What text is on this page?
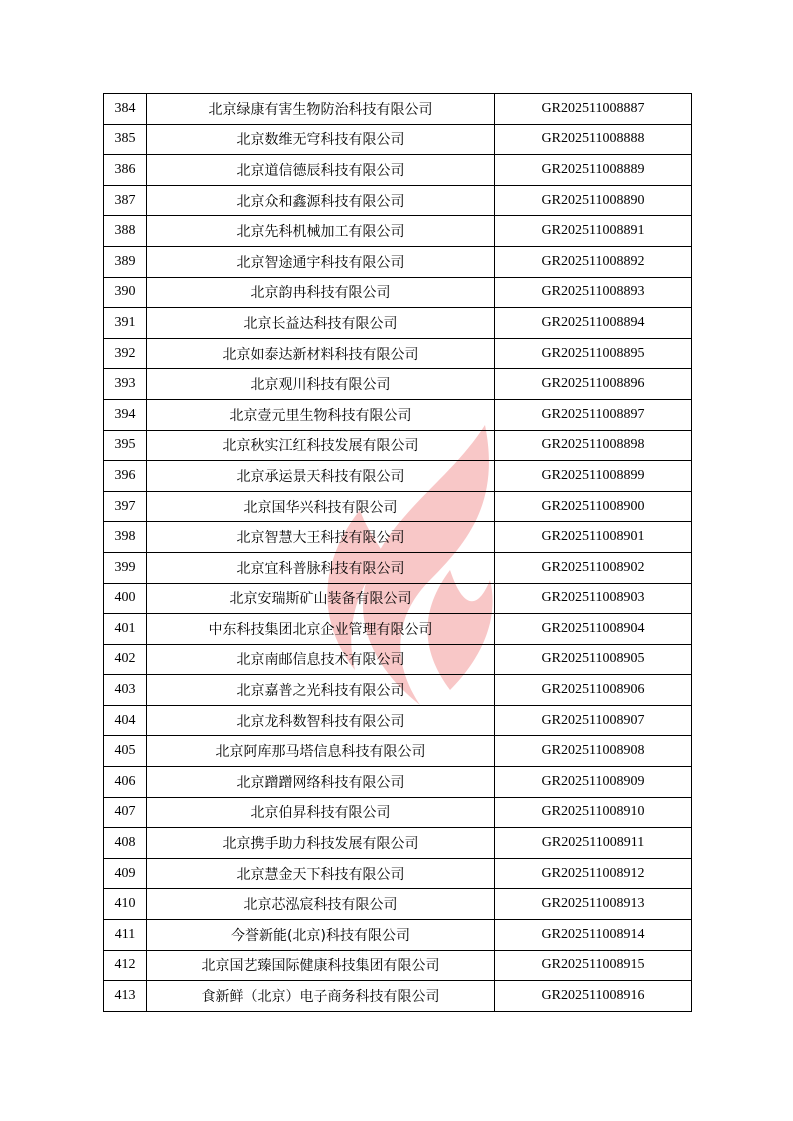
384	北京绿康有害生物防治科技有限公司	GR202511008887
385	北京数维无穹科技有限公司	GR202511008888
386	北京道信德辰科技有限公司	GR202511008889
387	北京众和鑫源科技有限公司	GR202511008890
388	北京先科机械加工有限公司	GR202511008891
389	北京智途通宇科技有限公司	GR202511008892
390	北京韵冉科技有限公司	GR202511008893
391	北京长益达科技有限公司	GR202511008894
392	北京如泰达新材料科技有限公司	GR202511008895
393	北京观川科技有限公司	GR202511008896
394	北京壹元里生物科技有限公司	GR202511008897
395	北京秋实江红科技发展有限公司	GR202511008898
396	北京承运景天科技有限公司	GR202511008899
397	北京国华兴科技有限公司	GR202511008900
398	北京智慧大王科技有限公司	GR202511008901
399	北京宜科普脉科技有限公司	GR202511008902
400	北京安瑞斯矿山装备有限公司	GR202511008903
401	中东科技集团北京企业管理有限公司	GR202511008904
402	北京南邮信息技术有限公司	GR202511008905
403	北京嘉普之光科技有限公司	GR202511008906
404	北京龙科数智科技有限公司	GR202511008907
405	北京阿库那马塔信息科技有限公司	GR202511008908
406	北京蹭蹭网络科技有限公司	GR202511008909
407	北京伯昇科技有限公司	GR202511008910
408	北京携手助力科技发展有限公司	GR202511008911
409	北京慧金天下科技有限公司	GR202511008912
410	北京芯泓宸科技有限公司	GR202511008913
411	今誉新能(北京)科技有限公司	GR202511008914
412	北京国艺臻国际健康科技集团有限公司	GR202511008915
413	食新鲜（北京）电子商务科技有限公司	GR202511008916
